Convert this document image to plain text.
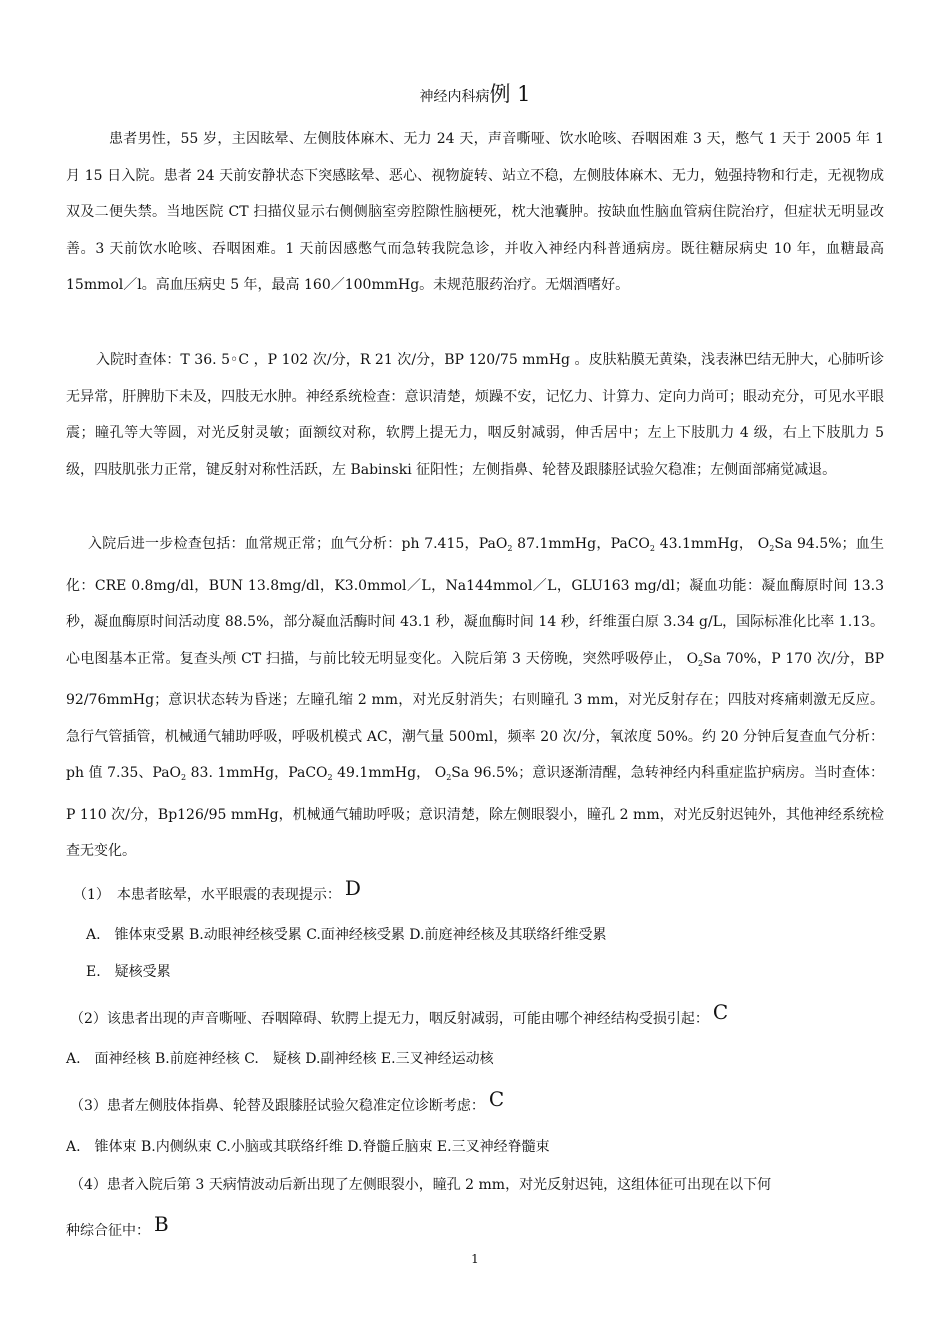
神经内科病例 1

患者男性，55 岁，主因眩晕、左侧肢体麻木、无力 24 天，声音嘶哑、饮水呛咳、吞咽困难 3 天，憋气 1 天于 2005 年 1 月 15 日入院。患者 24 天前安静状态下突感眩晕、恶心、视物旋转、站立不稳，左侧肢体麻木、无力，勉强持物和行走，无视物成双及二便失禁。当地医院 CT 扫描仪显示右侧侧脑室旁腔隙性脑梗死，枕大池囊肿。按缺血性脑血管病住院治疗，但症状无明显改善。3 天前饮水呛咳、吞咽困难。1 天前因感憋气而急转我院急诊，并收入神经内科普通病房。既往糖尿病史 10 年，血糖最高 15mmol／l。高血压病史 5 年，最高 160／100mmHg。未规范服药治疗。无烟酒嗜好。

入院时查体：T 36. 5◦C ，P 102 次/分，R 21 次/分，BP 120/75 mmHg 。皮肤粘膜无黄染，浅表淋巴结无肿大，心肺听诊无异常，肝脾肋下未及，四肢无水肿。神经系统检查：意识清楚，烦躁不安，记忆力、计算力、定向力尚可；眼动充分，可见水平眼震；瞳孔等大等圆，对光反射灵敏；面额纹对称，软腭上提无力，咽反射减弱，伸舌居中；左上下肢肌力 4 级，右上下肢肌力 5 级，四肢肌张力正常，键反射对称性活跃，左 Babinski 征阳性；左侧指鼻、轮替及跟膝胫试验欠稳准；左侧面部痛觉减退。

入院后进一步检查包括：血常规正常；血气分析：ph 7.415，PaO$_2$ 87.1mmHg，PaCO$_2$ 43.1mmHg， $O_2Sa$ 94.5%；血生化：CRE 0.8mg/dl，BUN 13.8mg/dl，K3.0mmol／L，Na144mmol／L，GLU163 mg/dl；凝血功能：凝血酶原时间 13.3 秒，凝血酶原时间活动度 88.5%，部分凝血活酶时间 43.1 秒，凝血酶时间 14 秒，纤维蛋白原 3.34 g/L，国际标准化比率 1.13。心电图基本正常。复查头颅 CT 扫描，与前比较无明显变化。入院后第 3 天傍晚，突然呼吸停止， $O_2Sa$ 70%，P 170 次/分，BP 92/76mmHg；意识状态转为昏迷；左瞳孔缩 2 mm，对光反射消失；右则瞳孔 3 mm，对光反射存在；四肢对疼痛刺激无反应。急行气管插管，机械通气辅助呼吸，呼吸机模式 AC，潮气量 500ml，频率 20 次/分，氧浓度 50%。约 20 分钟后复查血气分析：ph 值 7.35、PaO$_2$ 83. 1mmHg，PaCO$_2$ 49.1mmHg， $O_2Sa$ 96.5%；意识逐渐清醒，急转神经内科重症监护病房。当时查体：P 110 次/分，Bp126/95 mmHg，机械通气辅助呼吸；意识清楚，除左侧眼裂小，瞳孔 2 mm，对光反射迟钝外，其他神经系统检查无变化。

（1）　本患者眩晕，水平眼震的表现提示： D
A.　锥体束受累 B.动眼神经核受累 C.面神经核受累 D.前庭神经核及其联络纤维受累
E.　疑核受累
（2）该患者出现的声音嘶哑、吞咽障碍、软腭上提无力，咽反射减弱，可能由哪个神经结构受损引起： C
A.　面神经核 B.前庭神经核 C.　疑核 D.副神经核 E.三叉神经运动核
（3）患者左侧肢体指鼻、轮替及跟膝胫试验欠稳准定位诊断考虑： C
A.　锥体束 B.内侧纵束 C.小脑或其联络纤维 D.脊髓丘脑束 E.三叉神经脊髓束
（4）患者入院后第 3 天病情波动后新出现了左侧眼裂小，瞳孔 2 mm，对光反射迟钝，这组体征可出现在以下何
种综合征中： B
1
